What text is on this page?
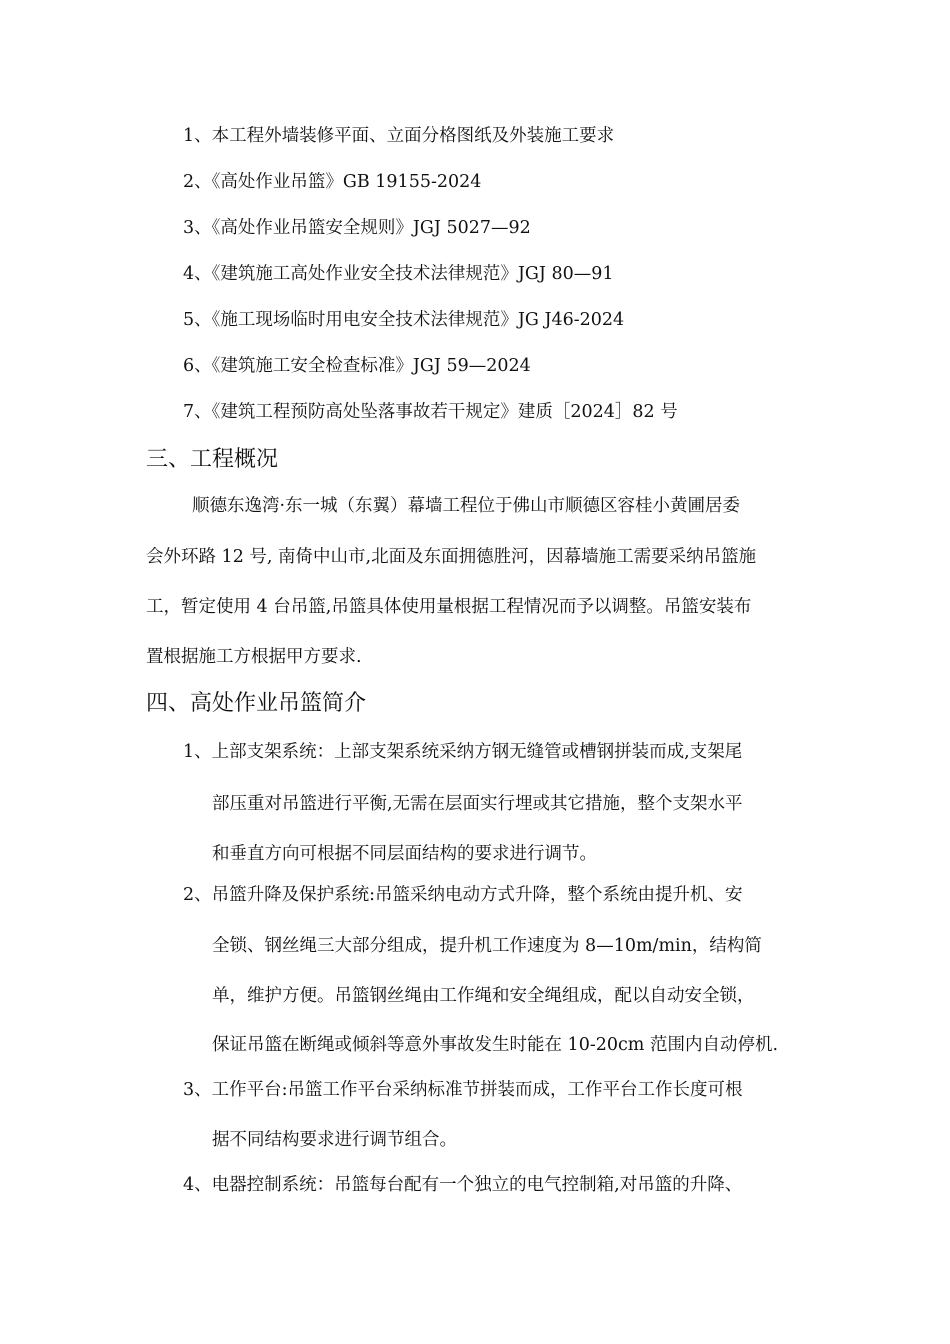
1、本工程外墙装修平面、立面分格图纸及外装施工要求
2、《高处作业吊篮》GB 19155-2024
3、《高处作业吊篮安全规则》JGJ 5027—92
4、《建筑施工高处作业安全技术法律规范》JGJ 80—91
5、《施工现场临时用电安全技术法律规范》JG J46-2024
6、《建筑施工安全检查标准》JGJ 59—2024
7、《建筑工程预防高处坠落事故若干规定》建质［2024］82 号
三、工程概况
顺德东逸湾·东一城（东翼）幕墙工程位于佛山市顺德区容桂小黄圃居委
会外环路 12 号, 南倚中山市,北面及东面拥德胜河，因幕墙施工需要采纳吊篮施
工，暂定使用 4 台吊篮,吊篮具体使用量根据工程情况而予以调整。吊篮安装布
置根据施工方根据甲方要求.
四、高处作业吊篮简介
1、上部支架系统：上部支架系统采纳方钢无缝管或槽钢拼装而成,支架尾
部压重对吊篮进行平衡,无需在层面实行埋或其它措施，整个支架水平
和垂直方向可根据不同层面结构的要求进行调节。
2、吊篮升降及保护系统:吊篮采纳电动方式升降，整个系统由提升机、安
全锁、钢丝绳三大部分组成，提升机工作速度为 8—10m/min，结构简
单，维护方便。吊篮钢丝绳由工作绳和安全绳组成，配以自动安全锁，
保证吊篮在断绳或倾斜等意外事故发生时能在 10-20cm 范围内自动停机.
3、工作平台:吊篮工作平台采纳标准节拼装而成，工作平台工作长度可根
据不同结构要求进行调节组合。
4、电器控制系统：吊篮每台配有一个独立的电气控制箱,对吊篮的升降、
